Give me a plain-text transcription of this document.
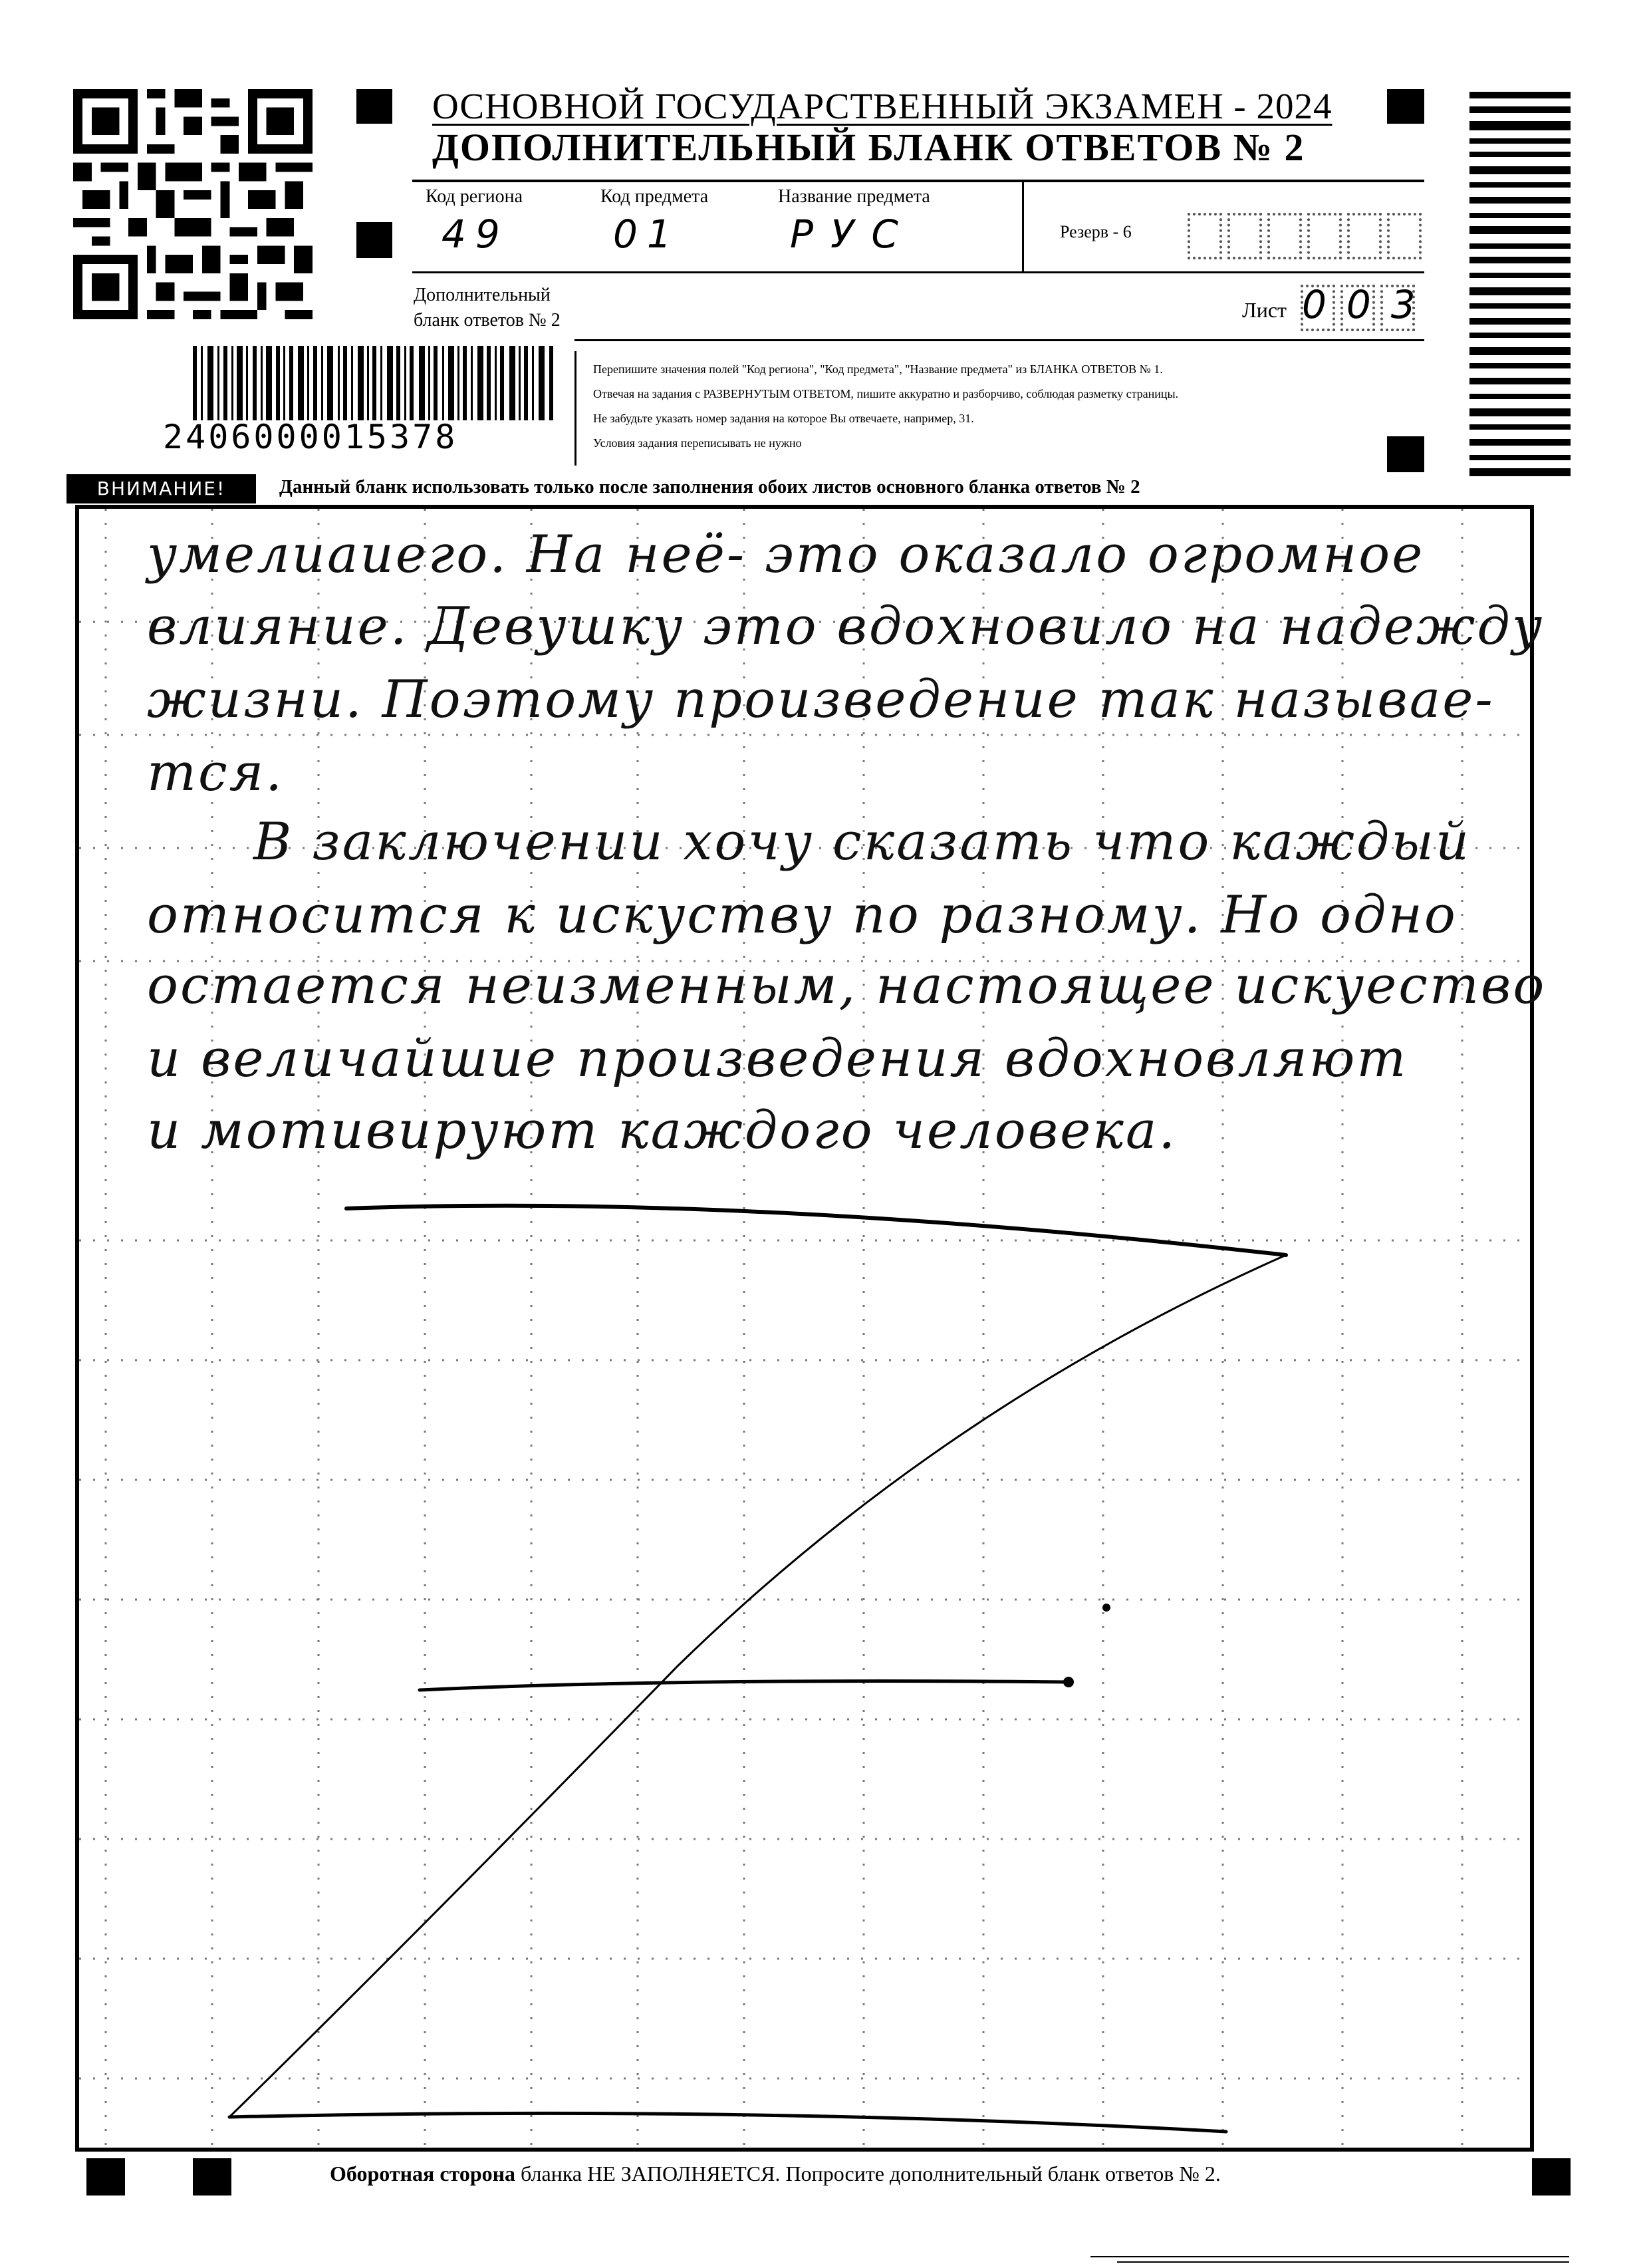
ОСНОВНОЙ ГОСУДАРСТВЕННЫЙ ЭКЗАМЕН - 2024
ДОПОЛНИТЕЛЬНЫЙ БЛАНК ОТВЕТОВ № 2
Код региона	Код предмета	Название предмета
49	01	РУС	Резерв - 6
Дополнительный
бланк ответов № 2	Лист 003
2406000015378
Перепишите значения полей "Код региона", "Код предмета", "Название предмета" из БЛАНКА ОТВЕТОВ № 1.
Отвечая на задания с РАЗВЕРНУТЫМ ОТВЕТОМ, пишите аккуратно и разборчиво, соблюдая разметку страницы.
Не забудьте указать номер задания на которое Вы отвечаете, например, 31.
Условия задания переписывать не нужно
ВНИМАНИЕ!	Данный бланк использовать только после заполнения обоих листов основного бланка ответов № 2
умелиаиего. На неё- это оказало огромное
влияние. Девушку это вдохновило на надежду
жизни. Поэтому произведение так называе-
тся.
В заключении хочу сказать что каждый
относится к искуству по разному. Но одно
остается неизменным, настоящее искуество
и величайшие произведения вдохновляют
и мотивируют каждого человека.
Оборотная сторона бланка НЕ ЗАПОЛНЯЕТСЯ. Попросите дополнительный бланк ответов № 2.
